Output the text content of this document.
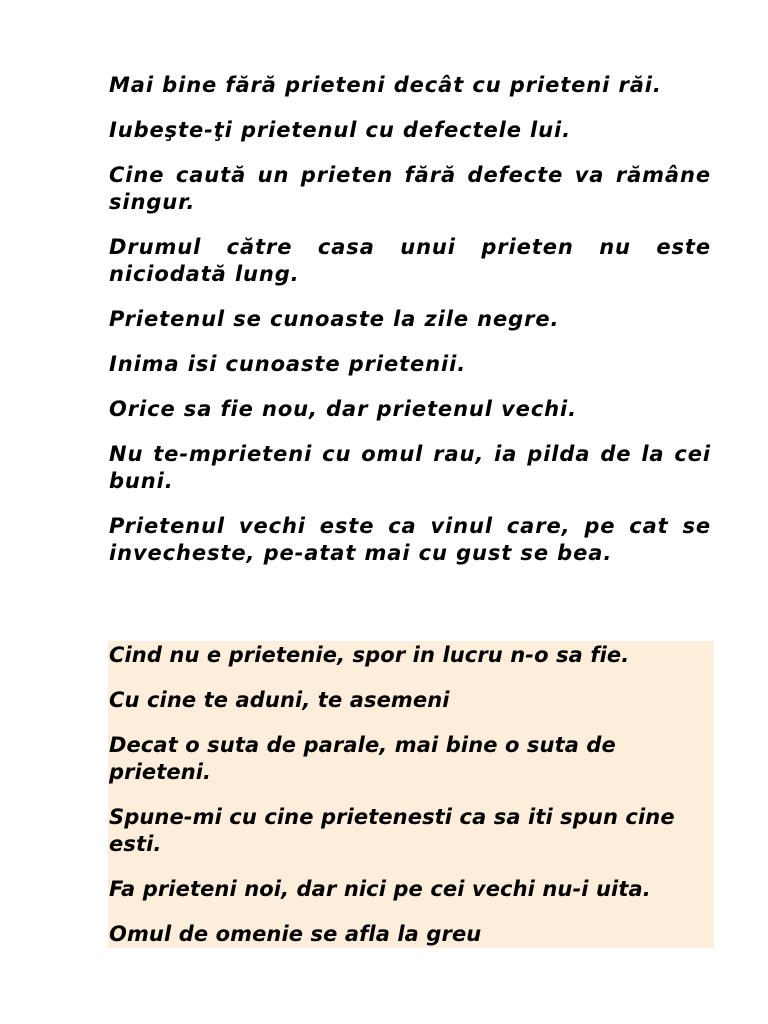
Mai bine fără prieteni decât cu prieteni răi.

Iubeşte-ţi prietenul cu defectele lui.

Cine caută un prieten fără defecte va rămâne singur.

Drumul către casa unui prieten nu este niciodată lung.

Prietenul se cunoaste la zile negre.

Inima isi cunoaste prietenii.

Orice sa fie nou, dar prietenul vechi.

Nu te-mprieteni cu omul rau, ia pilda de la cei buni.

Prietenul vechi este ca vinul care, pe cat se invecheste, pe-atat mai cu gust se bea.

Cind nu e prietenie, spor in lucru n-o sa fie.

Cu cine te aduni, te asemeni

Decat o suta de parale, mai bine o suta de prieteni.

Spune-mi cu cine prietenesti ca sa iti spun cine esti.

Fa prieteni noi, dar nici pe cei vechi nu-i uita.

Omul de omenie se afla la greu
